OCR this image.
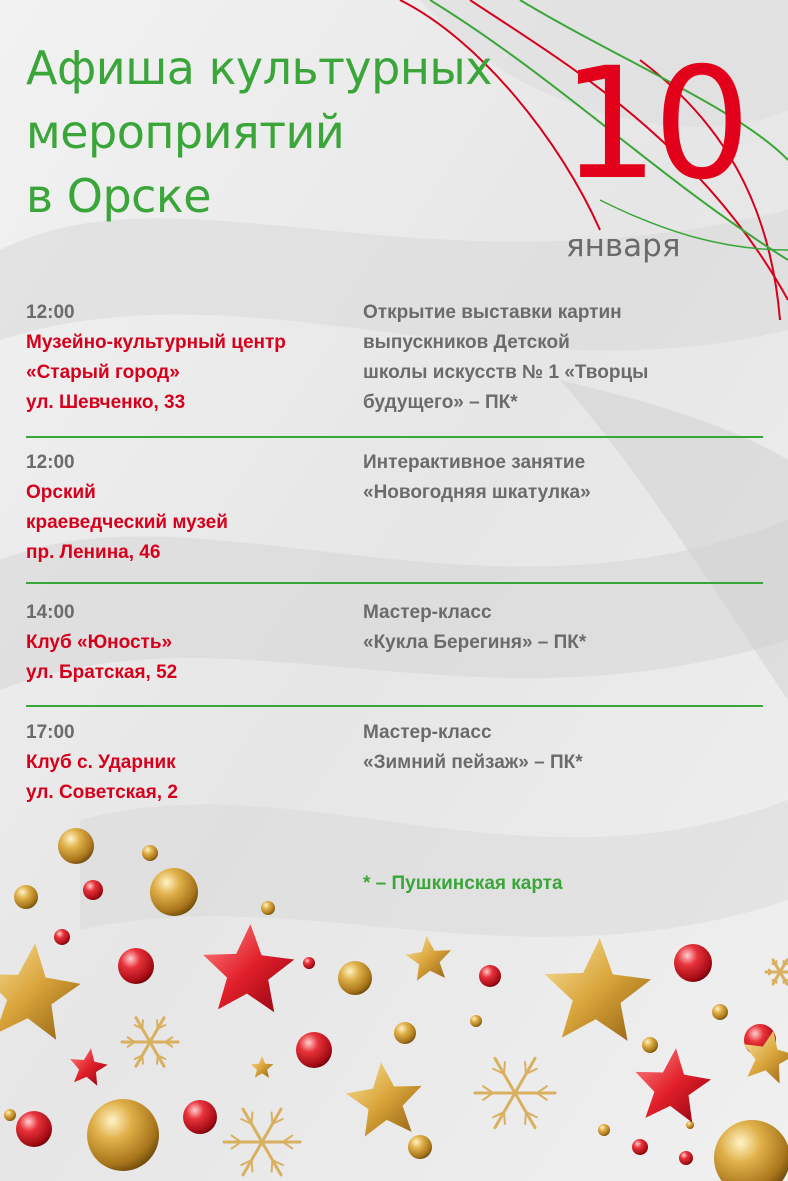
Афиша культурных
мероприятий
в Орске	10
января
12:00
Музейно-культурный центр
«Старый город»
ул. Шевченко, 33
Открытие выставки картин
выпускников Детской
школы искусств № 1 «Творцы
будущего» – ПК*
12:00
Орский
краеведческий музей
пр. Ленина, 46
Интерактивное занятие
«Новогодняя шкатулка»
14:00
Клуб «Юность»
ул. Братская, 52
Мастер-класс
«Кукла Берегиня» – ПК*
17:00
Клуб с. Ударник
ул. Советская, 2
Мастер-класс
«Зимний пейзаж» – ПК*
* – Пушкинская карта
